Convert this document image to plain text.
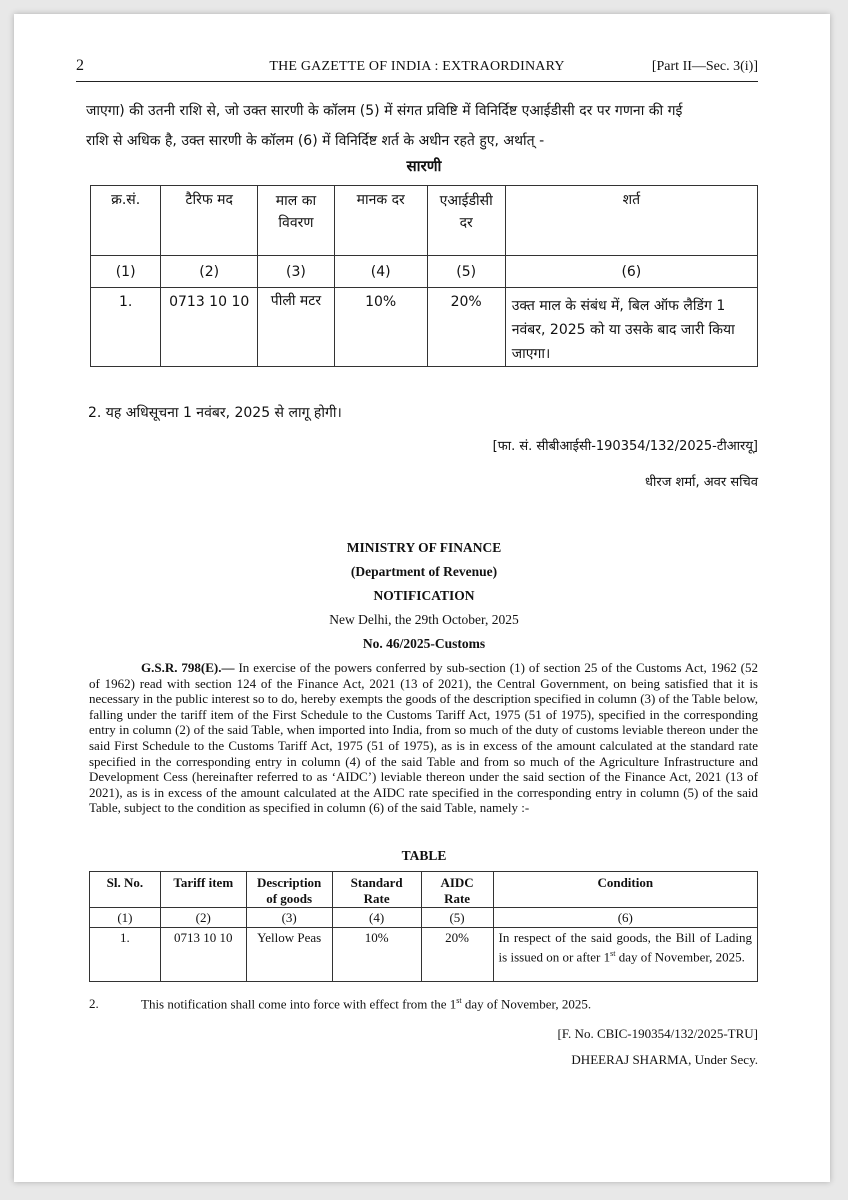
2	THE GAZETTE OF INDIA : EXTRAORDINARY	[Part II—Sec. 3(i)]
जाएगा) की उतनी राशि से, जो उक्त सारणी के कॉलम (5) में संगत प्रविष्टि में विनिर्दिष्ट एआईडीसी दर पर गणना की गई
राशि से अधिक है, उक्त सारणी के कॉलम (6) में विनिर्दिष्ट शर्त के अधीन रहते हुए, अर्थात् -
सारणी
क्र.सं.	टैरिफ मद	माल का विवरण	मानक दर	एआईडीसी दर	शर्त
(1)	(2)	(3)	(4)	(5)	(6)
1.	0713 10 10	पीली मटर	10%	20%	उक्त माल के संबंध में, बिल ऑफ लैडिंग 1 नवंबर, 2025 को या उसके बाद जारी किया जाएगा।
2. यह अधिसूचना 1 नवंबर, 2025 से लागू होगी।
[फा. सं. सीबीआईसी-190354/132/2025-टीआरयू]
धीरज शर्मा, अवर सचिव
MINISTRY OF FINANCE
(Department of Revenue)
NOTIFICATION
New Delhi, the 29th October, 2025
No. 46/2025-Customs
G.S.R. 798(E).— In exercise of the powers conferred by sub-section (1) of section 25 of the Customs Act, 1962 (52 of 1962) read with section 124 of the Finance Act, 2021 (13 of 2021), the Central Government, on being satisfied that it is necessary in the public interest so to do, hereby exempts the goods of the description specified in column (3) of the Table below, falling under the tariff item of the First Schedule to the Customs Tariff Act, 1975 (51 of 1975), specified in the corresponding entry in column (2) of the said Table, when imported into India, from so much of the duty of customs leviable thereon under the said First Schedule to the Customs Tariff Act, 1975 (51 of 1975), as is in excess of the amount calculated at the standard rate specified in the corresponding entry in column (4) of the said Table and from so much of the Agriculture Infrastructure and Development Cess (hereinafter referred to as ‘AIDC’) leviable thereon under the said section of the Finance Act, 2021 (13 of 2021), as is in excess of the amount calculated at the AIDC rate specified in the corresponding entry in column (5) of the said Table, subject to the condition as specified in column (6) of the said Table, namely :-
TABLE
Sl. No.	Tariff item	Description of goods	Standard Rate	AIDC Rate	Condition
(1)	(2)	(3)	(4)	(5)	(6)
1.	0713 10 10	Yellow Peas	10%	20%	In respect of the said goods, the Bill of Lading is issued on or after 1st day of November, 2025.
2.	This notification shall come into force with effect from the 1st day of November, 2025.
[F. No. CBIC-190354/132/2025-TRU]
DHEERAJ SHARMA, Under Secy.
